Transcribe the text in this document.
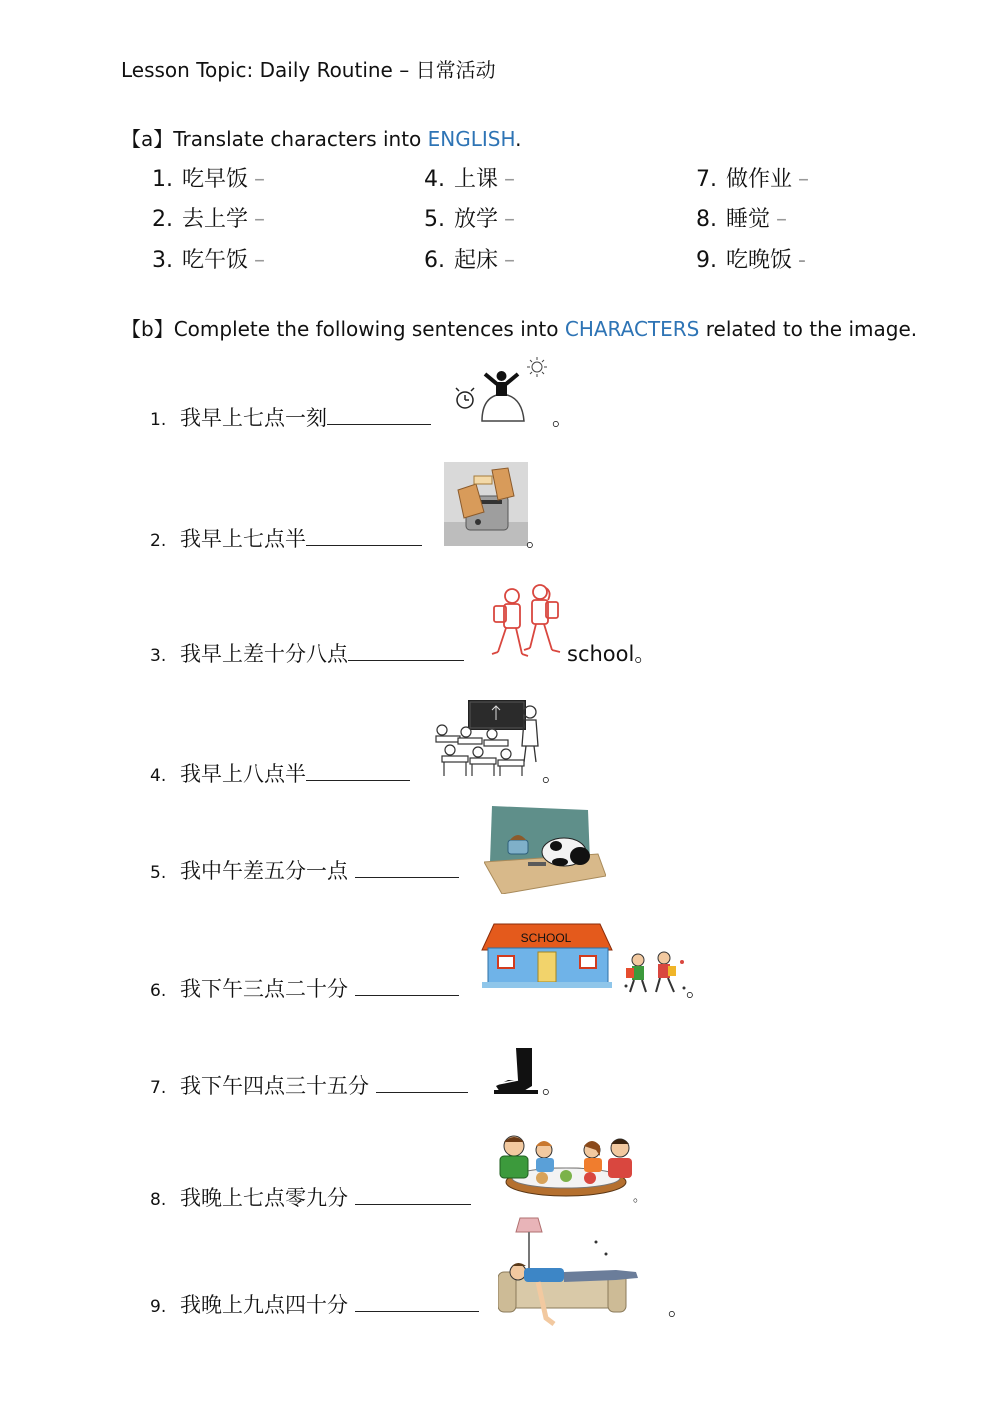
Lesson Topic: Daily Routine – 日常活动
【a】Translate characters into ENGLISH.
1. 吃早饭 –
2. 去上学 –
3. 吃午饭 –
4. 上课 –
5. 放学 –
6. 起床 –
7. 做作业 –
8. 睡觉 –
9. 吃晚饭 -
【b】Complete the following sentences into CHARACTERS related to the image.
1. 我早上七点一刻	。
2. 我早上七点半	。
3. 我早上差十分八点	school。
4. 我早上八点半	。
5. 我中午差五分一点
6. 我下午三点二十分
SCHOOL
。
7. 我下午四点三十五分	。
8. 我晚上七点零九分	。
9. 我晚上九点四十分	。
